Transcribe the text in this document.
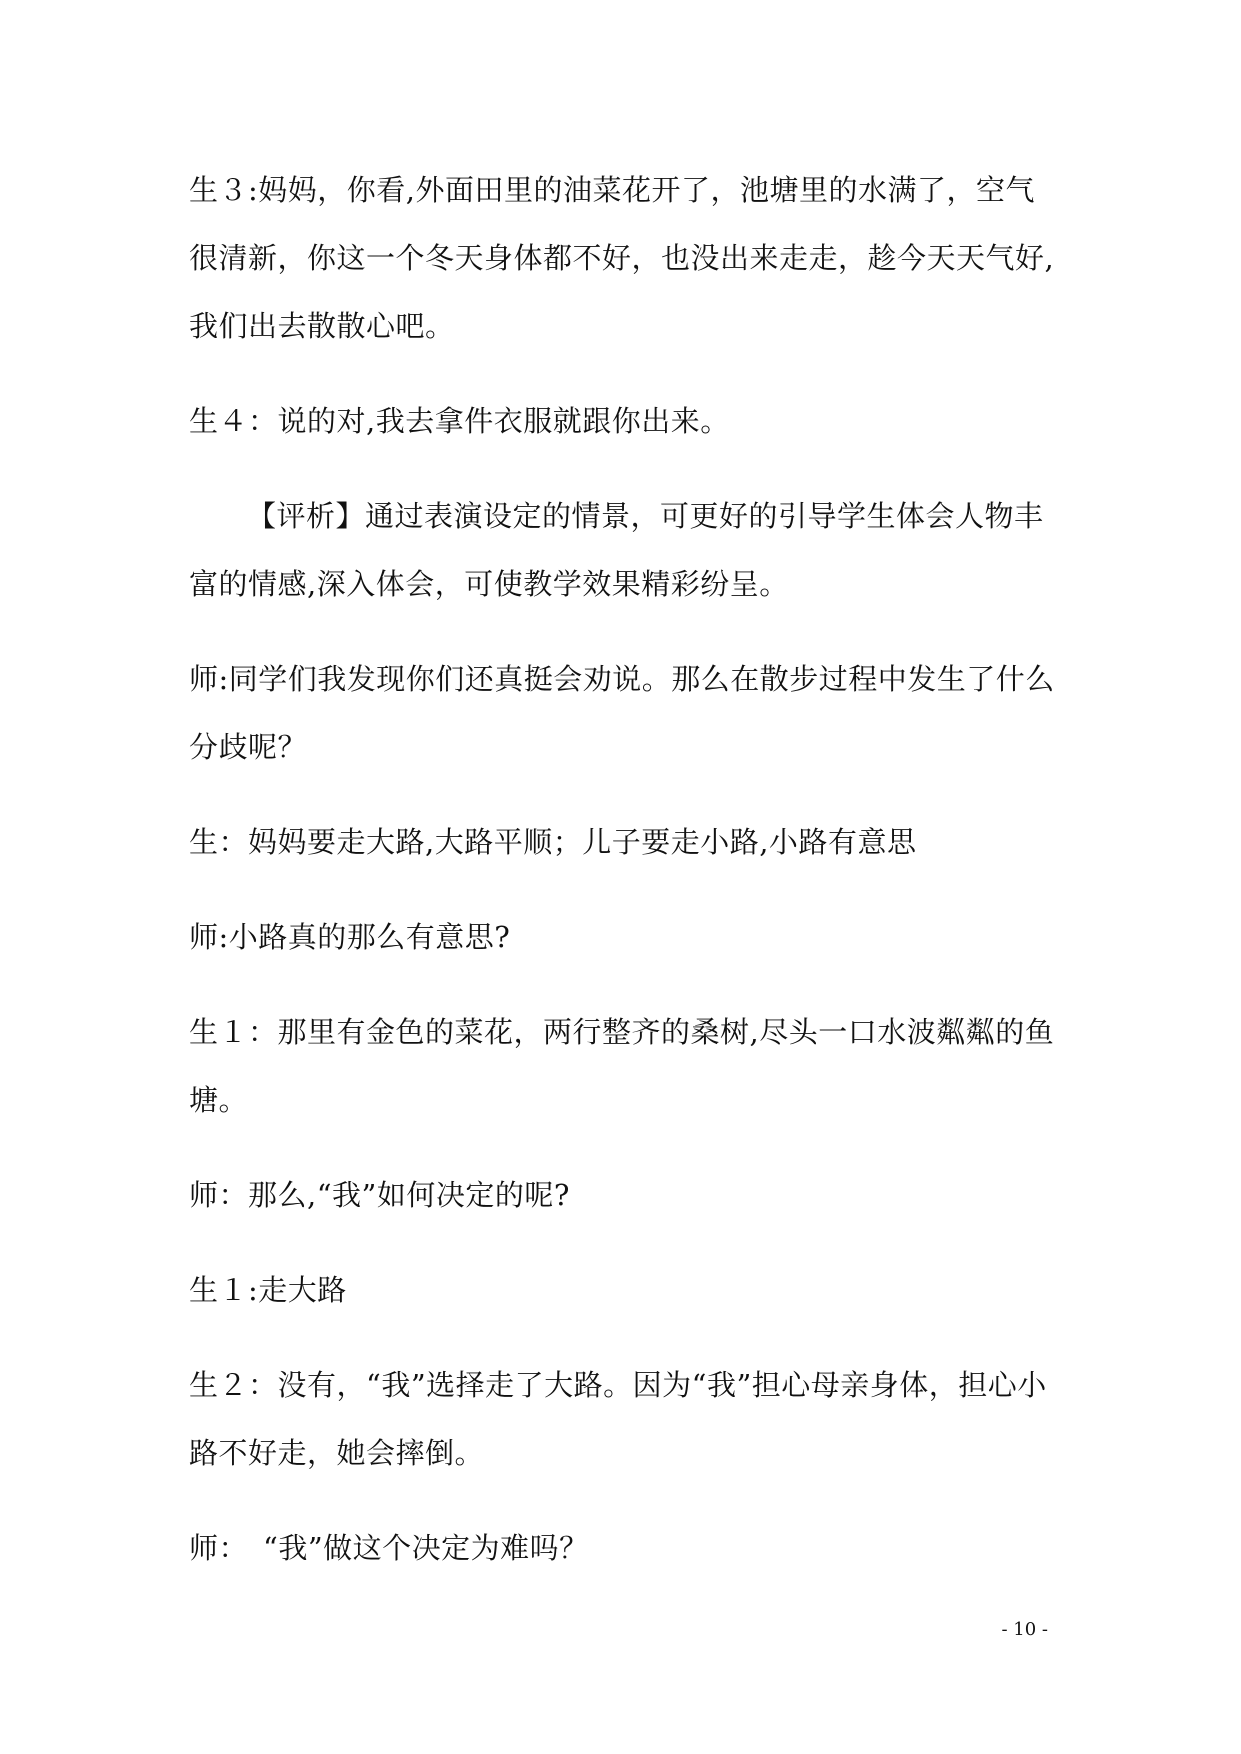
生３:妈妈，你看,外面田里的油菜花开了，池塘里的水满了，空气很清新，你这一个冬天身体都不好，也没出来走走，趁今天天气好,我们出去散散心吧。

生４：说的对,我去拿件衣服就跟你出来。

【评析】通过表演设定的情景，可更好的引导学生体会人物丰富的情感,深入体会，可使教学效果精彩纷呈。

师:同学们我发现你们还真挺会劝说。那么在散步过程中发生了什么分歧呢？

生：妈妈要走大路,大路平顺；儿子要走小路,小路有意思

师:小路真的那么有意思?

生１：那里有金色的菜花，两行整齐的桑树,尽头一口水波粼粼的鱼塘。

师：那么,“我”如何决定的呢?

生１:走大路

生２：没有，“我”选择走了大路。因为“我”担心母亲身体，担心小路不好走，她会摔倒。

师：　“我”做这个决定为难吗？

- 10 -
